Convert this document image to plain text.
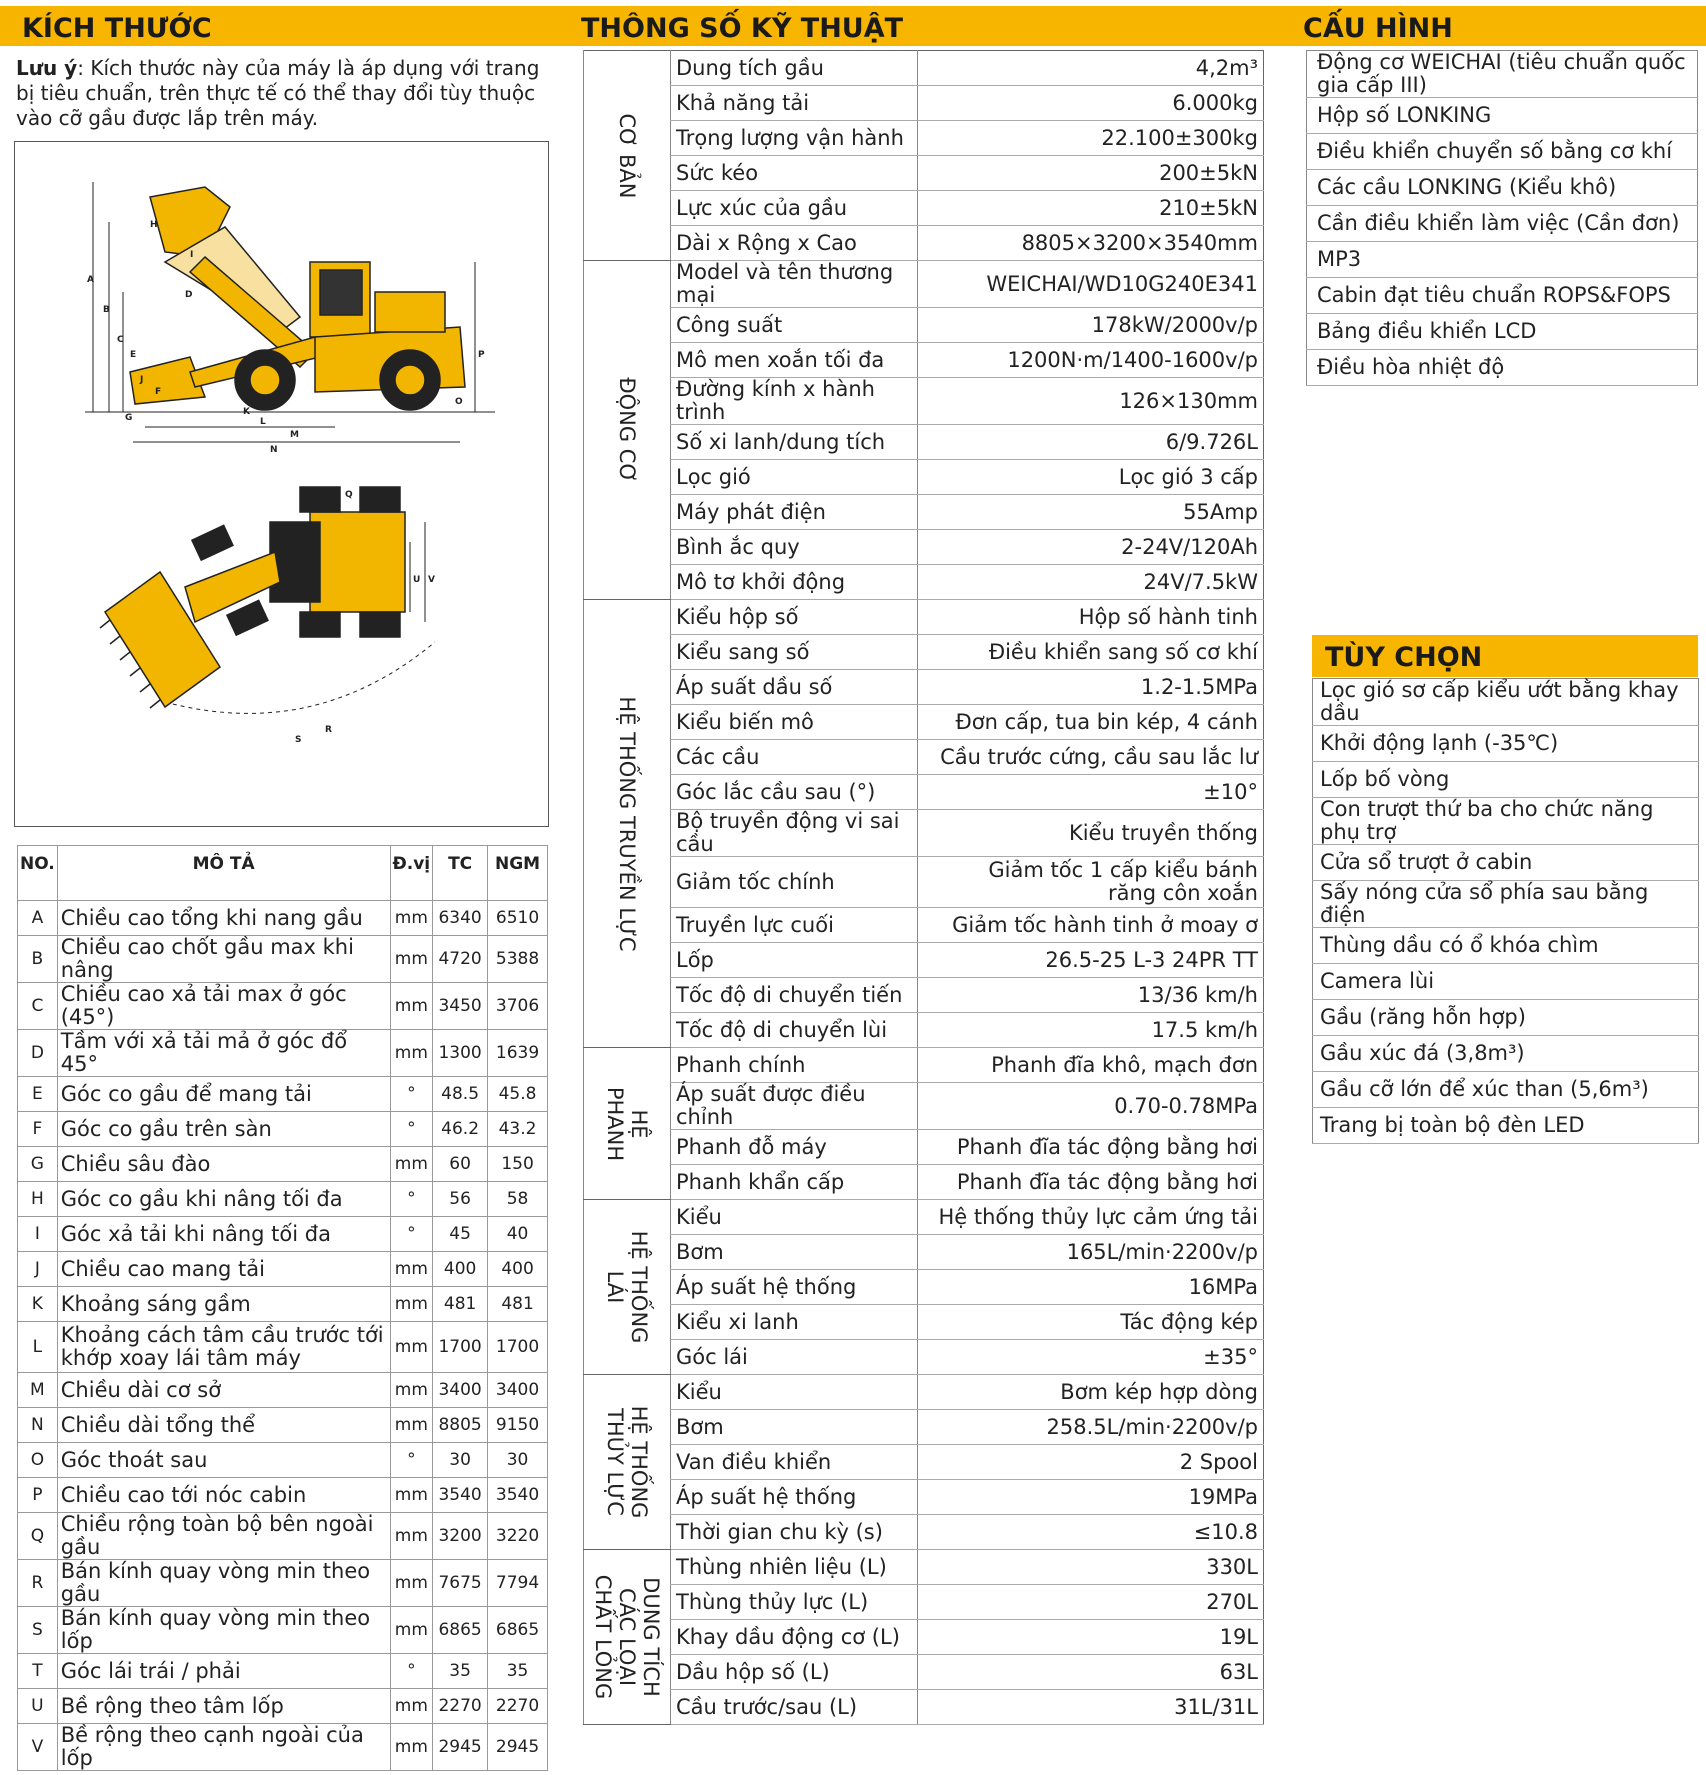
KÍCH THƯỚC	THÔNG SỐ KỸ THUẬT	CẤU HÌNH
Lưu ý: Kích thước này của máy là áp dụng với trang bị tiêu chuẩn, trên thực tế có thể thay đổi tùy thuộc vào cỡ gầu được lắp trên máy.
A
B
C
D
E
F
G
H
I
J
K
L
M
N
O
P
Q
R
S
T
U V
NO.	MÔ TẢ	Đ.vị	TC	NGM
A	Chiều cao tổng khi nang gầu	mm	6340	6510
B	Chiều cao chốt gầu max khi nâng	mm	4720	5388
C	Chiều cao xả tải max ở góc (45°)	mm	3450	3706
D	Tầm với xả tải mả ở góc đổ 45°	mm	1300	1639
E	Góc co gầu để mang tải	°	48.5	45.8
F	Góc co gầu trên sàn	°	46.2	43.2
G	Chiều sâu đào	mm	60	150
H	Góc co gầu khi nâng tối đa	°	56	58
I	Góc xả tải khi nâng tối đa	°	45	40
J	Chiều cao mang tải	mm	400	400
K	Khoảng sáng gầm	mm	481	481
L	Khoảng cách tâm cầu trước tới khớp xoay lái tâm máy	mm	1700	1700
M	Chiều dài cơ sở	mm	3400	3400
N	Chiều dài tổng thể	mm	8805	9150
O	Góc thoát sau	°	30	30
P	Chiều cao tới nóc cabin	mm	3540	3540
Q	Chiều rộng toàn bộ bên ngoài gầu	mm	3200	3220
R	Bán kính quay vòng min theo gầu	mm	7675	7794
S	Bán kính quay vòng min theo lốp	mm	6865	6865
T	Góc lái trái / phải	°	35	35
U	Bề rộng theo tâm lốp	mm	2270	2270
V	Bề rộng theo cạnh ngoài của lốp	mm	2945	2945
CƠ BẢN	Dung tích gầu	4,2m³
	Khả năng tải	6.000kg
	Trọng lượng vận hành	22.100±300kg
	Sức kéo	200±5kN
	Lực xúc của gầu	210±5kN
	Dài x Rộng x Cao	8805×3200×3540mm

ĐỘNG CƠ	Model và tên thương mại	WEICHAI/WD10G240E341
	Công suất	178kW/2000v/p
	Mô men xoắn tối đa	1200N·m/1400-1600v/p
	Đường kính x hành trình	126×130mm
	Số xi lanh/dung tích	6/9.726L
	Lọc gió	Lọc gió 3 cấp
	Máy phát điện	55Amp
	Bình ắc quy	2-24V/120Ah
	Mô tơ khởi động	24V/7.5kW

HỆ THỐNG TRUYỀN LỰC	Kiểu hộp số	Hộp số hành tinh
	Kiểu sang số	Điều khiển sang số cơ khí
	Áp suất dầu số	1.2-1.5MPa
	Kiểu biến mô	Đơn cấp, tua bin kép, 4 cánh
	Các cầu	Cầu trước cứng, cầu sau lắc lư
	Góc lắc cầu sau (°)	±10°
	Bộ truyền động vi sai cầu	Kiểu truyền thống
	Giảm tốc chính	Giảm tốc 1 cấp kiểu bánh răng côn xoắn
	Truyền lực cuối	Giảm tốc hành tinh ở moay ơ
	Lốp	26.5-25 L-3 24PR TT
	Tốc độ di chuyển tiến	13/36 km/h
	Tốc độ di chuyển lùi	17.5 km/h

HỆ
PHANH	Phanh chính	Phanh đĩa khô, mạch đơn
	Áp suất được điều chỉnh	0.70-0.78MPa
	Phanh đỗ máy	Phanh đĩa tác động bằng hơi
	Phanh khẩn cấp	Phanh đĩa tác động bằng hơi

HỆ THỐNG
LÁI	Kiểu	Hệ thống thủy lực cảm ứng tải
	Bơm	165L/min·2200v/p
	Áp suất hệ thống	16MPa
	Kiểu xi lanh	Tác động kép
	Góc lái	±35°

HỆ THỐNG
THỦY LỰC	Kiểu	Bơm kép hợp dòng
	Bơm	258.5L/min·2200v/p
	Van điều khiển	2 Spool
	Áp suất hệ thống	19MPa
	Thời gian chu kỳ (s)	≤10.8

DUNG TÍCH
CÁC LOẠI
CHẤT LỎNG	Thùng nhiên liệu (L)	330L
	Thùng thủy lực (L)	270L
	Khay dầu động cơ (L)	19L
	Dầu hộp số (L)	63L
	Cầu trước/sau (L)	31L/31L
Động cơ WEICHAI (tiêu chuẩn quốc gia cấp III)
Hộp số LONKING
Điều khiển chuyển số bằng cơ khí
Các cầu LONKING (Kiểu khô)
Cần điều khiển làm việc (Cần đơn)
MP3
Cabin đạt tiêu chuẩn ROPS&FOPS
Bảng điều khiển LCD
Điều hòa nhiệt độ
TÙY CHỌN
Lọc gió sơ cấp kiểu ướt bằng khay dầu
Khởi động lạnh (-35℃)
Lốp bố vòng
Con trượt thứ ba cho chức năng phụ trợ
Cửa sổ trượt ở cabin
Sấy nóng cửa sổ phía sau bằng điện
Thùng dầu có ổ khóa chìm
Camera lùi
Gầu (răng hỗn hợp)
Gầu xúc đá (3,8m³)
Gầu cỡ lớn để xúc than (5,6m³)
Trang bị toàn bộ đèn LED
